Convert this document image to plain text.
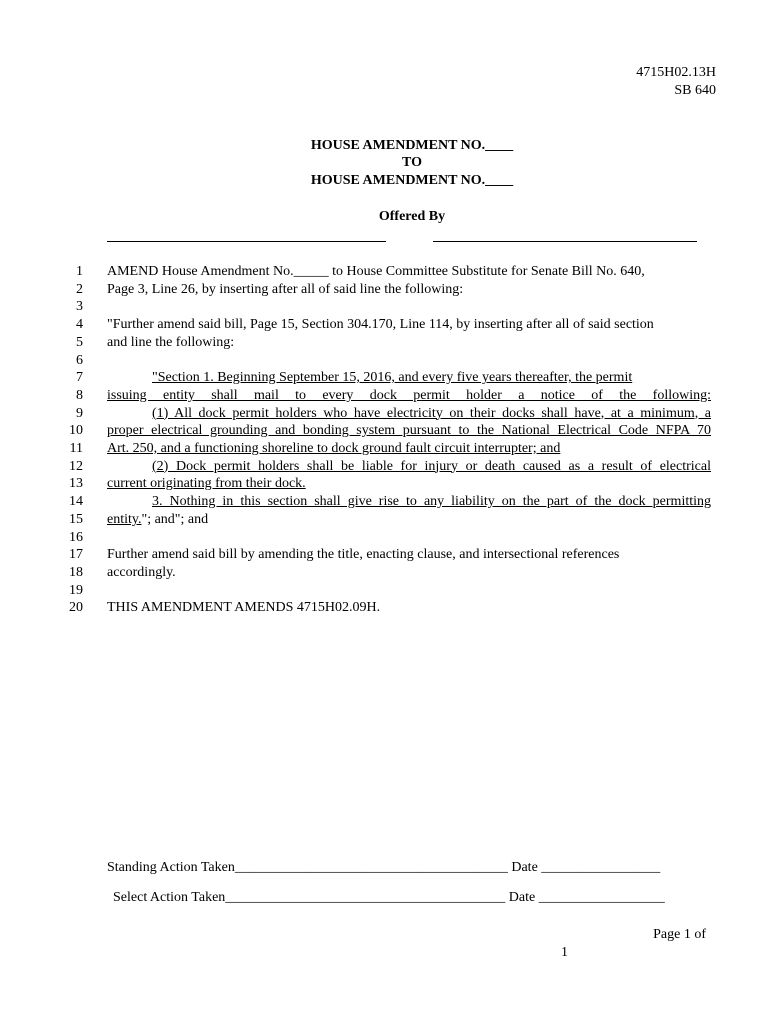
4715H02.13H
SB 640
HOUSE AMENDMENT NO.____
TO
HOUSE AMENDMENT NO.____
Offered By
1
2
3
4
5
6
7
8
9
10
11
12
13
14
15
16
17
18
19
20
AMEND House Amendment No._____ to House Committee Substitute for Senate Bill No. 640,
Page 3, Line 26, by inserting after all of said line the following:
"Further amend said bill, Page 15, Section 304.170, Line 114, by inserting after all of said section
and line the following:
"Section 1. Beginning September 15, 2016, and every five years thereafter, the permit
issuing entity shall mail to every dock permit holder a notice of the following:
(1) All dock permit holders who have electricity on their docks shall have, at a minimum, a
proper electrical grounding and bonding system pursuant to the National Electrical Code NFPA 70
Art. 250, and a functioning shoreline to dock ground fault circuit interrupter; and
(2) Dock permit holders shall be liable for injury or death caused as a result of electrical
current originating from their dock.
3. Nothing in this section shall give rise to any liability on the part of the dock permitting
entity."; and"; and
Further amend said bill by amending the title, enacting clause, and intersectional references
accordingly.
THIS AMENDMENT AMENDS 4715H02.09H.
Standing Action Taken_______________________________________ Date _________________
Select Action Taken________________________________________ Date __________________
Page 1 of
1
